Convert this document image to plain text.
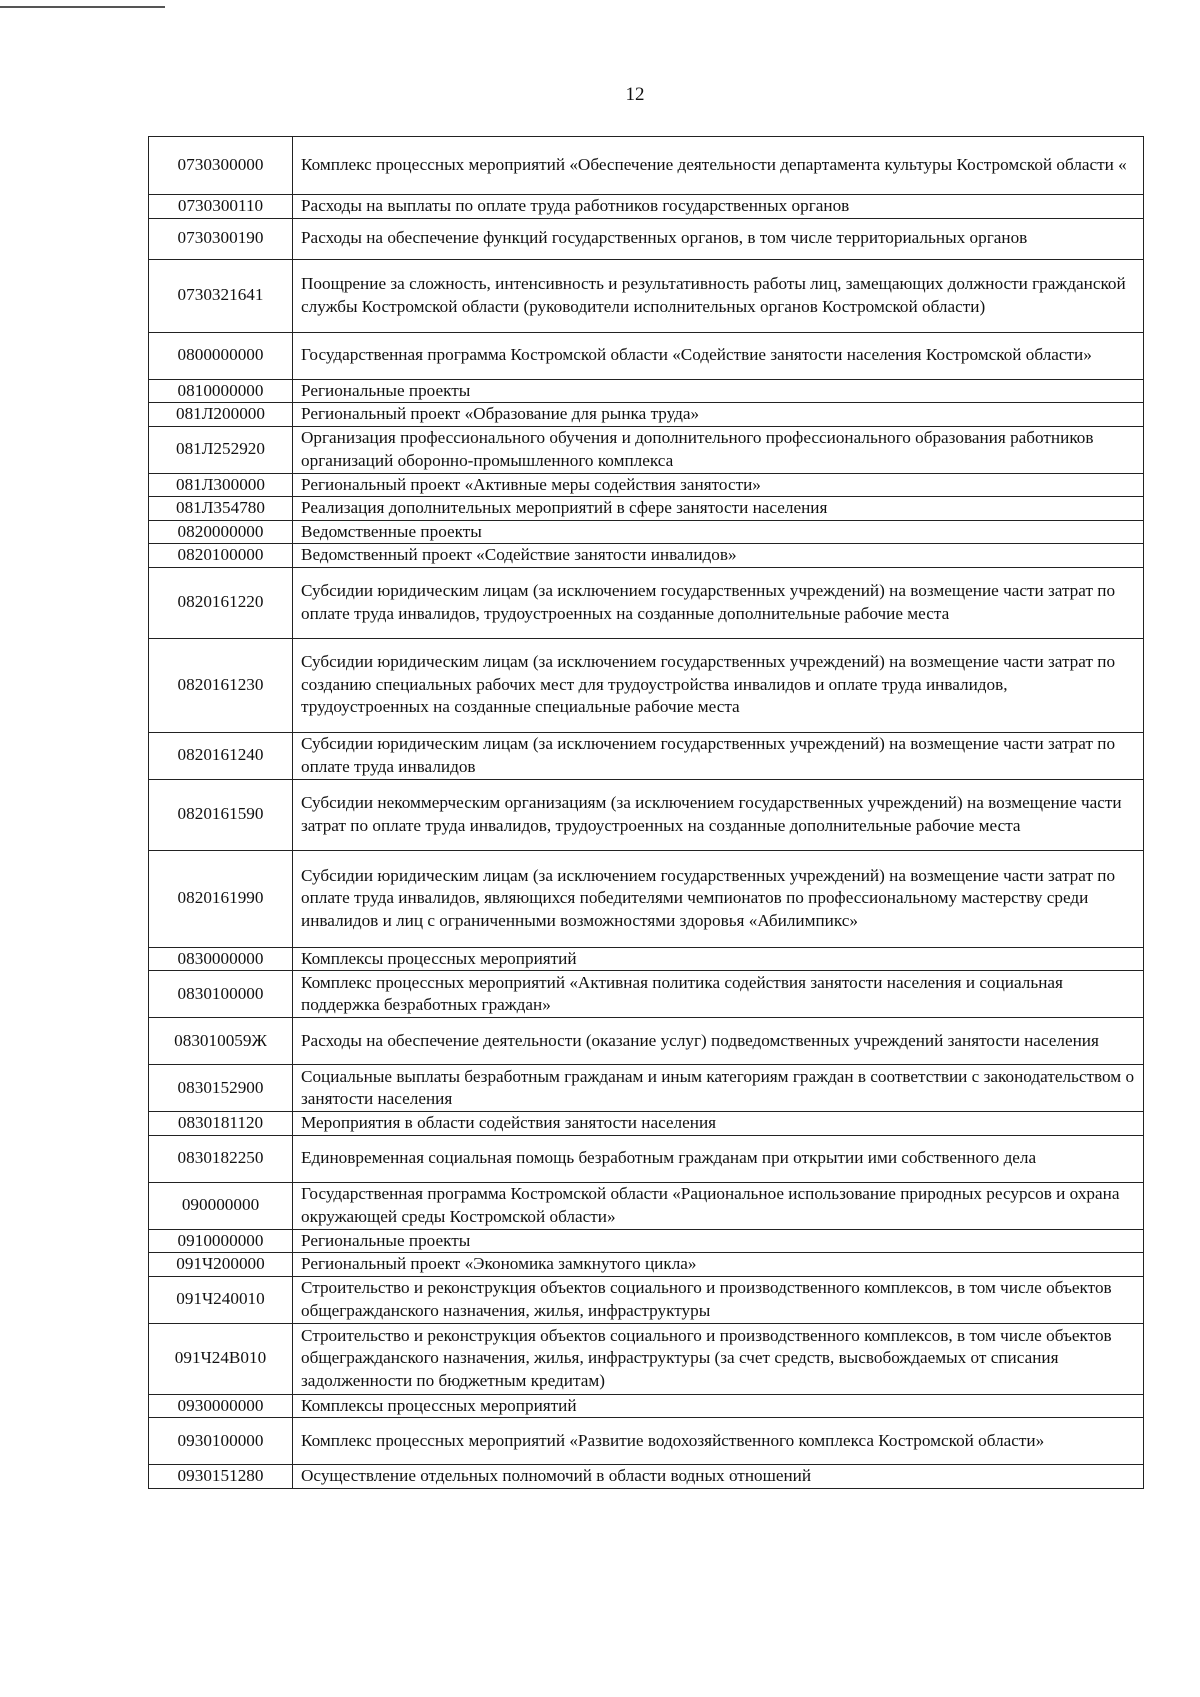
12
0730300000	Комплекс процессных мероприятий «Обеспечение деятельности департамента культуры Костромской области «
0730300110	Расходы на выплаты по оплате труда работников государственных органов
0730300190	Расходы на обеспечение функций государственных органов, в том числе территориальных органов
0730321641	Поощрение за сложность, интенсивность и результативность работы лиц, замещающих должности гражданской службы Костромской области (руководители исполнительных органов Костромской области)
0800000000	Государственная программа Костромской области «Содействие занятости населения Костромской области»
0810000000	Региональные проекты
081Л200000	Региональный проект «Образование для рынка труда»
081Л252920	Организация профессионального обучения и дополнительного профессионального образования работников организаций оборонно-промышленного комплекса
081Л300000	Региональный проект «Активные меры содействия занятости»
081Л354780	Реализация дополнительных мероприятий в сфере занятости населения
0820000000	Ведомственные проекты
0820100000	Ведомственный проект «Содействие занятости инвалидов»
0820161220	Субсидии юридическим лицам (за исключением государственных учреждений) на возмещение части затрат по оплате труда инвалидов, трудоустроенных на созданные дополнительные рабочие места
0820161230	Субсидии юридическим лицам (за исключением государственных учреждений) на возмещение части затрат по созданию специальных рабочих мест для трудоустройства инвалидов и оплате труда инвалидов, трудоустроенных на созданные специальные рабочие места
0820161240	Субсидии юридическим лицам (за исключением государственных учреждений) на возмещение части затрат по оплате труда инвалидов
0820161590	Субсидии некоммерческим организациям (за исключением государственных учреждений) на возмещение части затрат по оплате труда инвалидов, трудоустроенных на созданные дополнительные рабочие места
0820161990	Субсидии юридическим лицам (за исключением государственных учреждений) на возмещение части затрат по оплате труда инвалидов, являющихся победителями чемпионатов по профессиональному мастерству среди инвалидов и лиц с ограниченными возможностями здоровья «Абилимпикс»
0830000000	Комплексы процессных мероприятий
0830100000	Комплекс процессных мероприятий «Активная политика содействия занятости населения и социальная поддержка безработных граждан»
083010059Ж	Расходы на обеспечение деятельности (оказание услуг) подведомственных учреждений занятости населения
0830152900	Социальные выплаты безработным гражданам и иным категориям граждан в соответствии с законодательством о занятости населения
0830181120	Мероприятия в области содействия занятости населения
0830182250	Единовременная социальная помощь безработным гражданам при открытии ими собственного дела
090000000	Государственная программа Костромской области «Рациональное использование природных ресурсов и охрана окружающей среды Костромской области»
0910000000	Региональные проекты
091Ч200000	Региональный проект «Экономика замкнутого цикла»
091Ч240010	Строительство и реконструкция объектов социального и производственного комплексов, в том числе объектов общегражданского назначения, жилья, инфраструктуры
091Ч24В010	Строительство и реконструкция объектов социального и производственного комплексов, в том числе объектов общегражданского назначения, жилья, инфраструктуры (за счет средств, высвобождаемых от списания задолженности по бюджетным кредитам)
0930000000	Комплексы процессных мероприятий
0930100000	Комплекс процессных мероприятий «Развитие водохозяйственного комплекса Костромской области»
0930151280	Осуществление отдельных полномочий в области водных отношений
